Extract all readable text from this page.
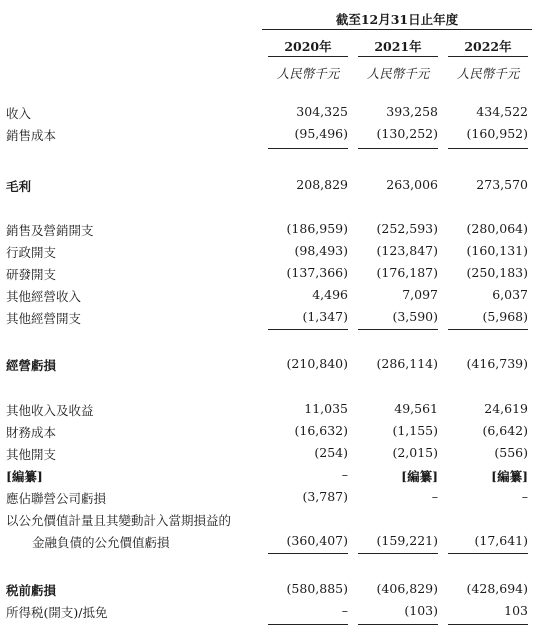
截至12月31日止年度
2020年	2021年	2022年
人民幣千元	人民幣千元	人民幣千元
收入	304,325	393,258	434,522
銷售成本	(95,496)	(130,252)	(160,952)
毛利	208,829	263,006	273,570
銷售及營銷開支	(186,959)	(252,593)	(280,064)
行政開支	(98,493)	(123,847)	(160,131)
研發開支	(137,366)	(176,187)	(250,183)
其他經營收入	4,496	7,097	6,037
其他經營開支	(1,347)	(3,590)	(5,968)
經營虧損	(210,840)	(286,114)	(416,739)
其他收入及收益	11,035	49,561	24,619
財務成本	(16,632)	(1,155)	(6,642)
其他開支	(254)	(2,015)	(556)
[編纂]	–	[編纂]	[編纂]
應佔聯營公司虧損	(3,787)	–	–
以公允價值計量且其變動計入當期損益的
金融負債的公允價值虧損	(360,407)	(159,221)	(17,641)
税前虧損	(580,885)	(406,829)	(428,694)
所得税(開支)/抵免	–	(103)	103
